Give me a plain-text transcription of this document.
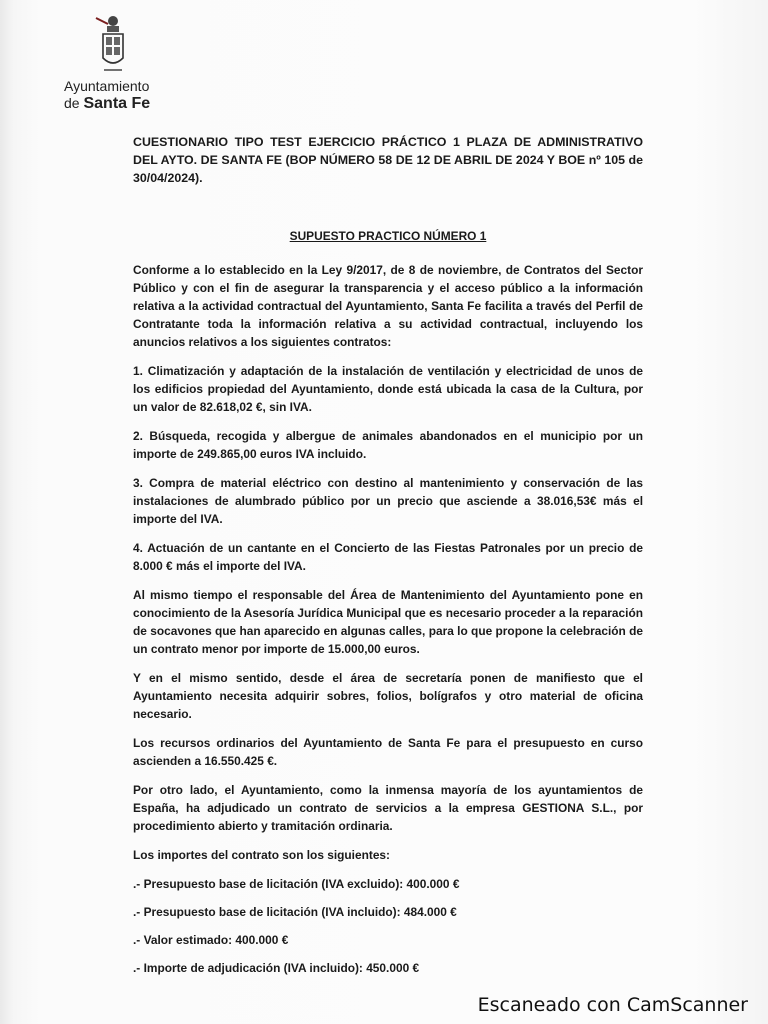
Ayuntamiento
de Santa Fe

CUESTIONARIO TIPO TEST EJERCICIO PRÁCTICO 1 PLAZA DE ADMINISTRATIVO DEL AYTO. DE SANTA FE (BOP NÚMERO 58 DE 12 DE ABRIL DE 2024 Y BOE nº 105 de 30/04/2024).

SUPUESTO PRACTICO NÚMERO 1

Conforme a lo establecido en la Ley 9/2017, de 8 de noviembre, de Contratos del Sector Público y con el fin de asegurar la transparencia y el acceso público a la información relativa a la actividad contractual del Ayuntamiento, Santa Fe facilita a través del Perfil de Contratante toda la información relativa a su actividad contractual, incluyendo los anuncios relativos a los siguientes contratos:

1. Climatización y adaptación de la instalación de ventilación y electricidad de unos de los edificios propiedad del Ayuntamiento, donde está ubicada la casa de la Cultura, por un valor de 82.618,02 €, sin IVA.

2. Búsqueda, recogida y albergue de animales abandonados en el municipio por un importe de 249.865,00 euros IVA incluido.

3. Compra de material eléctrico con destino al mantenimiento y conservación de las instalaciones de alumbrado público por un precio que asciende a 38.016,53€ más el importe del IVA.

4. Actuación de un cantante en el Concierto de las Fiestas Patronales por un precio de 8.000 € más el importe del IVA.

Al mismo tiempo el responsable del Área de Mantenimiento del Ayuntamiento pone en conocimiento de la Asesoría Jurídica Municipal que es necesario proceder a la reparación de socavones que han aparecido en algunas calles, para lo que propone la celebración de un contrato menor por importe de 15.000,00 euros.

Y en el mismo sentido, desde el área de secretaría ponen de manifiesto que el Ayuntamiento necesita adquirir sobres, folios, bolígrafos y otro material de oficina necesario.

Los recursos ordinarios del Ayuntamiento de Santa Fe para el presupuesto en curso ascienden a 16.550.425 €.

Por otro lado, el Ayuntamiento, como la inmensa mayoría de los ayuntamientos de España, ha adjudicado un contrato de servicios a la empresa GESTIONA S.L., por procedimiento abierto y tramitación ordinaria.

Los importes del contrato son los siguientes:

.- Presupuesto base de licitación (IVA excluido): 400.000 €
.- Presupuesto base de licitación (IVA incluido): 484.000 €
.- Valor estimado: 400.000 €
.- Importe de adjudicación (IVA incluido): 450.000 €
Escaneado con CamScanner
